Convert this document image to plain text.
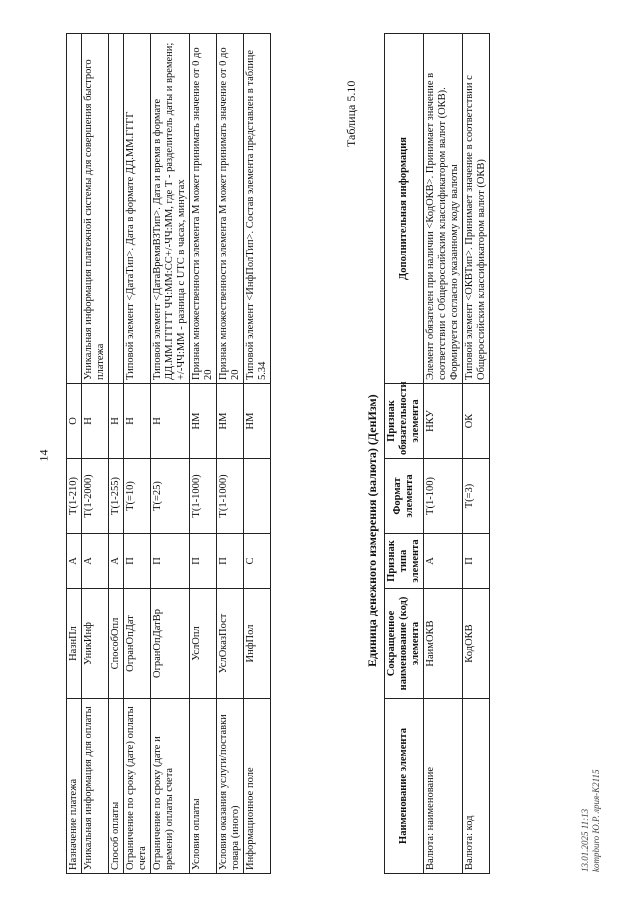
14
Назначение платежа	НазнПл	А	T(1-210)	О	
Уникальная информация для оплаты	УникИнф	А	T(1-2000)	Н	Уникальная информация платежной системы для совершения быстрого платежа
Способ оплаты	СпособОпл	А	T(1-255)	Н	
Ограничение по сроку (дате) оплаты счета	ОгранОпДат	П	T(=10)	Н	Типовой элемент <ДатаТип>. Дата в формате ДД.ММ.ГГГГ
Ограничение по сроку (дате и времени) оплаты счета	ОгранОпДатВр	П	T(=25)	Н	Типовой элемент <ДатаВремяВЗТип>. Дата и время в формате ДД.ММ.ГГГГТ ЧЧ:ММ:СС+/-ЧЧ:ММ, где Т - разделитель даты и времени; +/-ЧЧ:ММ - разница с UTC в часах, минутах
Условия оплаты	УслОпл	П	T(1-1000)	НМ	Признак множественности элемента М может принимать значение от 0 до 20
Условия оказания услуги/поставки товара (иного)	УслОказПост	П	T(1-1000)	НМ	Признак множественности элемента М может принимать значение от 0 до 20
Информационное поле	ИнфПол	С		НМ	Типовой элемент <ИнфПолТип>. Состав элемента представлен в таблице 5.34
Таблица 5.10
Единица денежного измерения (валюта) (ДенИзм)
Наименование элемента	Сокращенное наименование (код) элемента	Признак типа элемента	Формат элемента	Признак обязательности элемента	Дополнительная информация
Валюта: наименование	НаимОКВ	А	T(1-100)	НКУ	Элемент обязателен при наличии <КодОКВ>. Принимает значение в соответствии с Общероссийским классификатором валют (ОКВ). Формируется согласно указанному коду валюты
Валюта: код	КодОКВ	П	T(=3)	ОК	Типовой элемент <ОКВТип>. Принимает значение в соответствии с Общероссийским классификатором валют (ОКВ)
13.01.2025 11:13 kompburo Ю.Р. лрия-К2115
